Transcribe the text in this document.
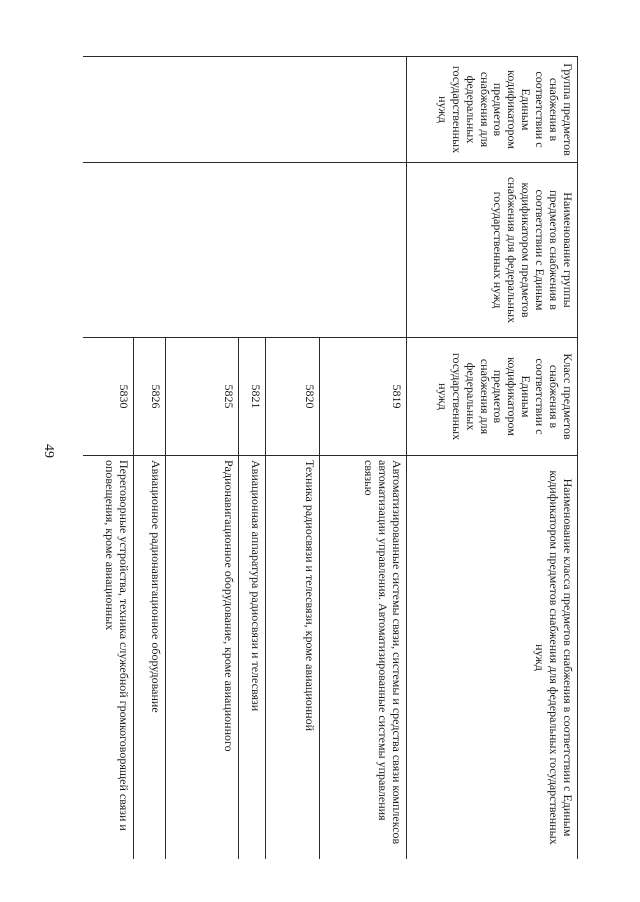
49
Группа предметов снабжения в соответствии с Единым кодификатором предметов снабжения для федеральных государственных нужд	Наименование группы предметов снабжения в соответствии с Единым кодификатором предметов снабжения для федеральных государственных нужд	Класс предметов снабжения в соответствии с Единым кодификатором предметов снабжения для федеральных государственных нужд	Наименование класса предметов снабжения в соответствии с Единым кодификатором предметов снабжения для федеральных государственных нужд
		5819	Автоматизированные системы связи, системы и средства связи комплексов автоматизации управления. Автоматизированные системы управления связью
		5820	Техника радиосвязи и телесвязи, кроме авиационной
		5821	Авиационная аппаратура радиосвязи и телесвязи
		5825	Радионавигационное оборудование, кроме авиационного
		5826	Авиационное радионавигационное оборудование
		5830	Переговорные устройства, техника служебной громкоговорящей связи и оповещения, кроме авиационных
